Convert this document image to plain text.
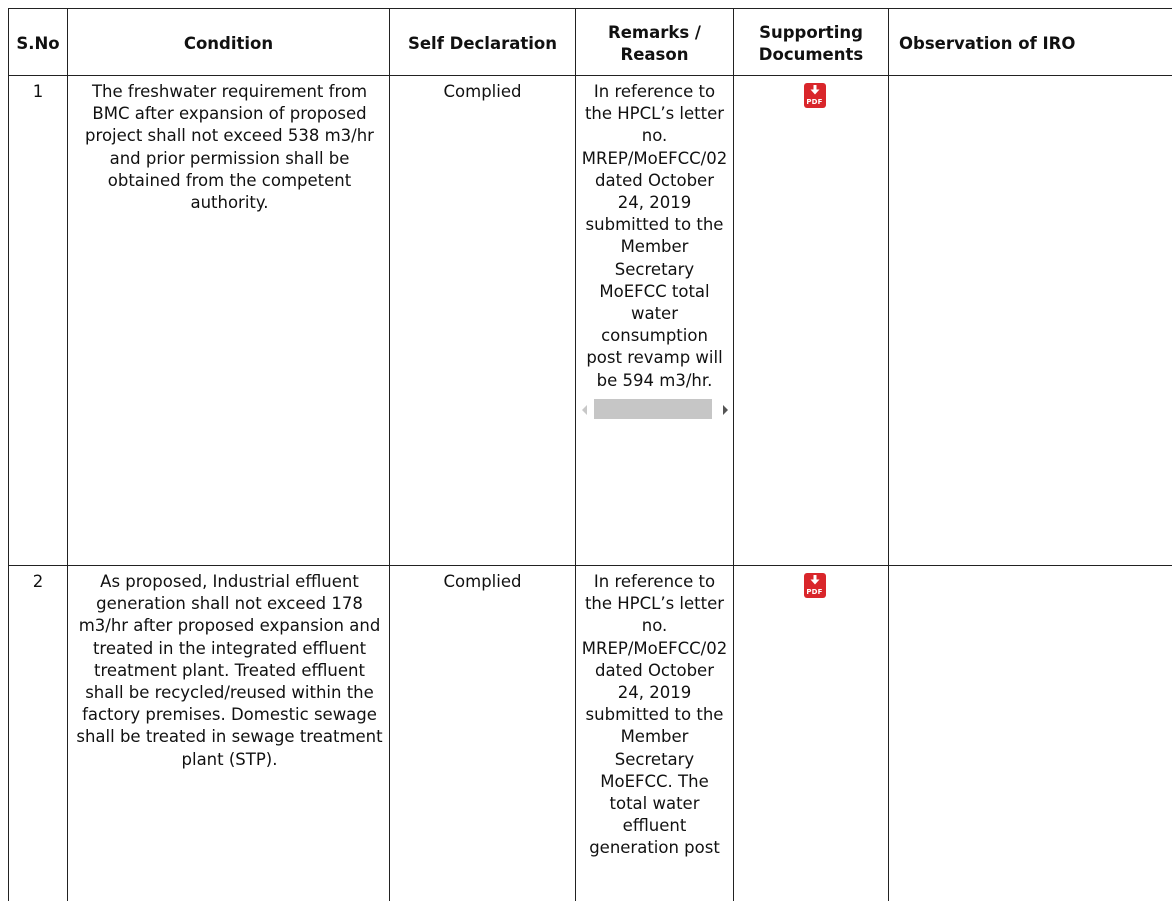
S.No	Condition	Self Declaration	Remarks / Reason	Supporting Documents	Observation of IRO
1	The freshwater requirement from BMC after expansion of proposed project shall not exceed 538 m3/hr and prior permission shall be obtained from the competent authority.	Complied	In reference to the HPCL’s letter no. MREP/MoEFCC/02 dated October 24, 2019 submitted to the Member Secretary MoEFCC total water consumption post revamp will be 594 m3/hr.	PDF	

2	As proposed, Industrial effluent generation shall not exceed 178 m3/hr after proposed expansion and treated in the integrated effluent treatment plant. Treated effluent shall be recycled/reused within the factory premises. Domestic sewage shall be treated in sewage treatment plant (STP).	Complied	In reference to the HPCL’s letter no. MREP/MoEFCC/02 dated October 24, 2019 submitted to the Member Secretary MoEFCC. The total water effluent generation post	PDF	
